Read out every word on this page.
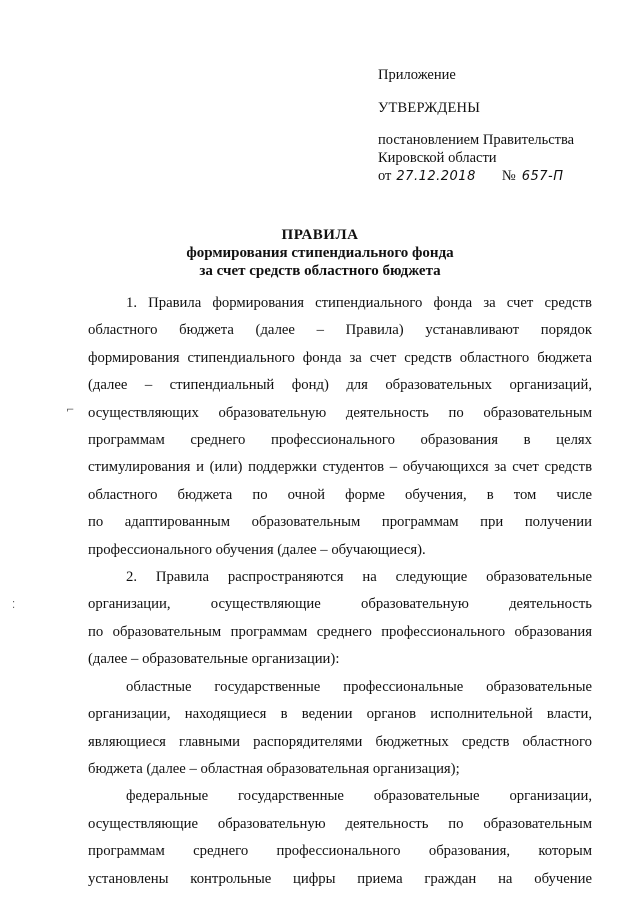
Приложение

УТВЕРЖДЕНЫ

постановлением Правительства

Кировской области

от 27.12.2018 № 657-П

ПРАВИЛА
формирования стипендиального фонда
за счет средств областного бюджета

1. Правила формирования стипендиального фонда за счет средств
областного бюджета (далее – Правила) устанавливают порядок
формирования стипендиального фонда за счет средств областного бюджета
(далее – стипендиальный фонд) для образовательных организаций,
осуществляющих образовательную деятельность по образовательным
программам среднего профессионального образования в целях
стимулирования и (или) поддержки студентов – обучающихся за счет средств
областного бюджета по очной форме обучения, в том числе
по адаптированным образовательным программам при получении
профессионального обучения (далее – обучающиеся).

2. Правила распространяются на следующие образовательные
организации, осуществляющие образовательную деятельность
по образовательным программам среднего профессионального образования
(далее – образовательные организации):

областные государственные профессиональные образовательные
организации, находящиеся в ведении органов исполнительной власти,
являющиеся главными распорядителями бюджетных средств областного
бюджета (далее – областная образовательная организация);

федеральные государственные образовательные организации,
осуществляющие образовательную деятельность по образовательным
программам среднего профессионального образования, которым
установлены контрольные цифры приема граждан на обучение

⌐
⁚
